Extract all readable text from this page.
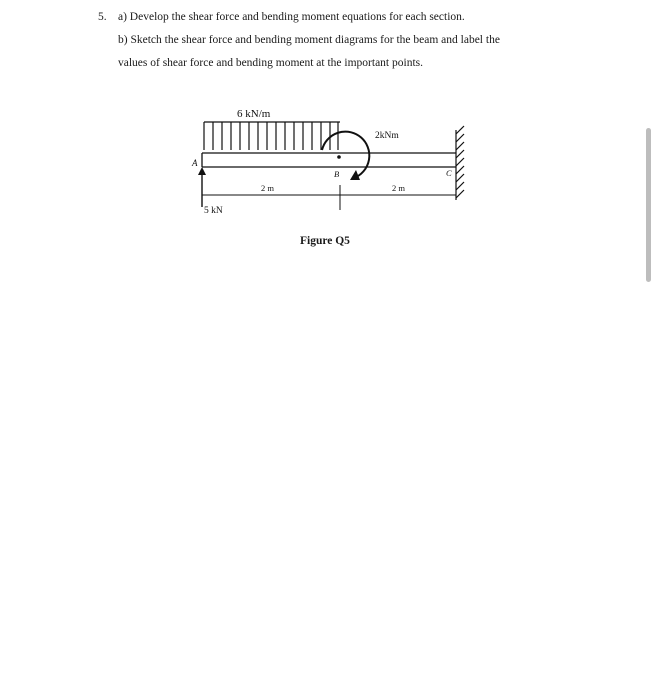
5. a) Develop the shear force and bending moment equations for each section.
b) Sketch the shear force and bending moment diagrams for the beam and label the
values of shear force and bending moment at the important points.
6 kN/m
2kNm
A
B	C
2 m	2 m
5 kN
Figure Q5
